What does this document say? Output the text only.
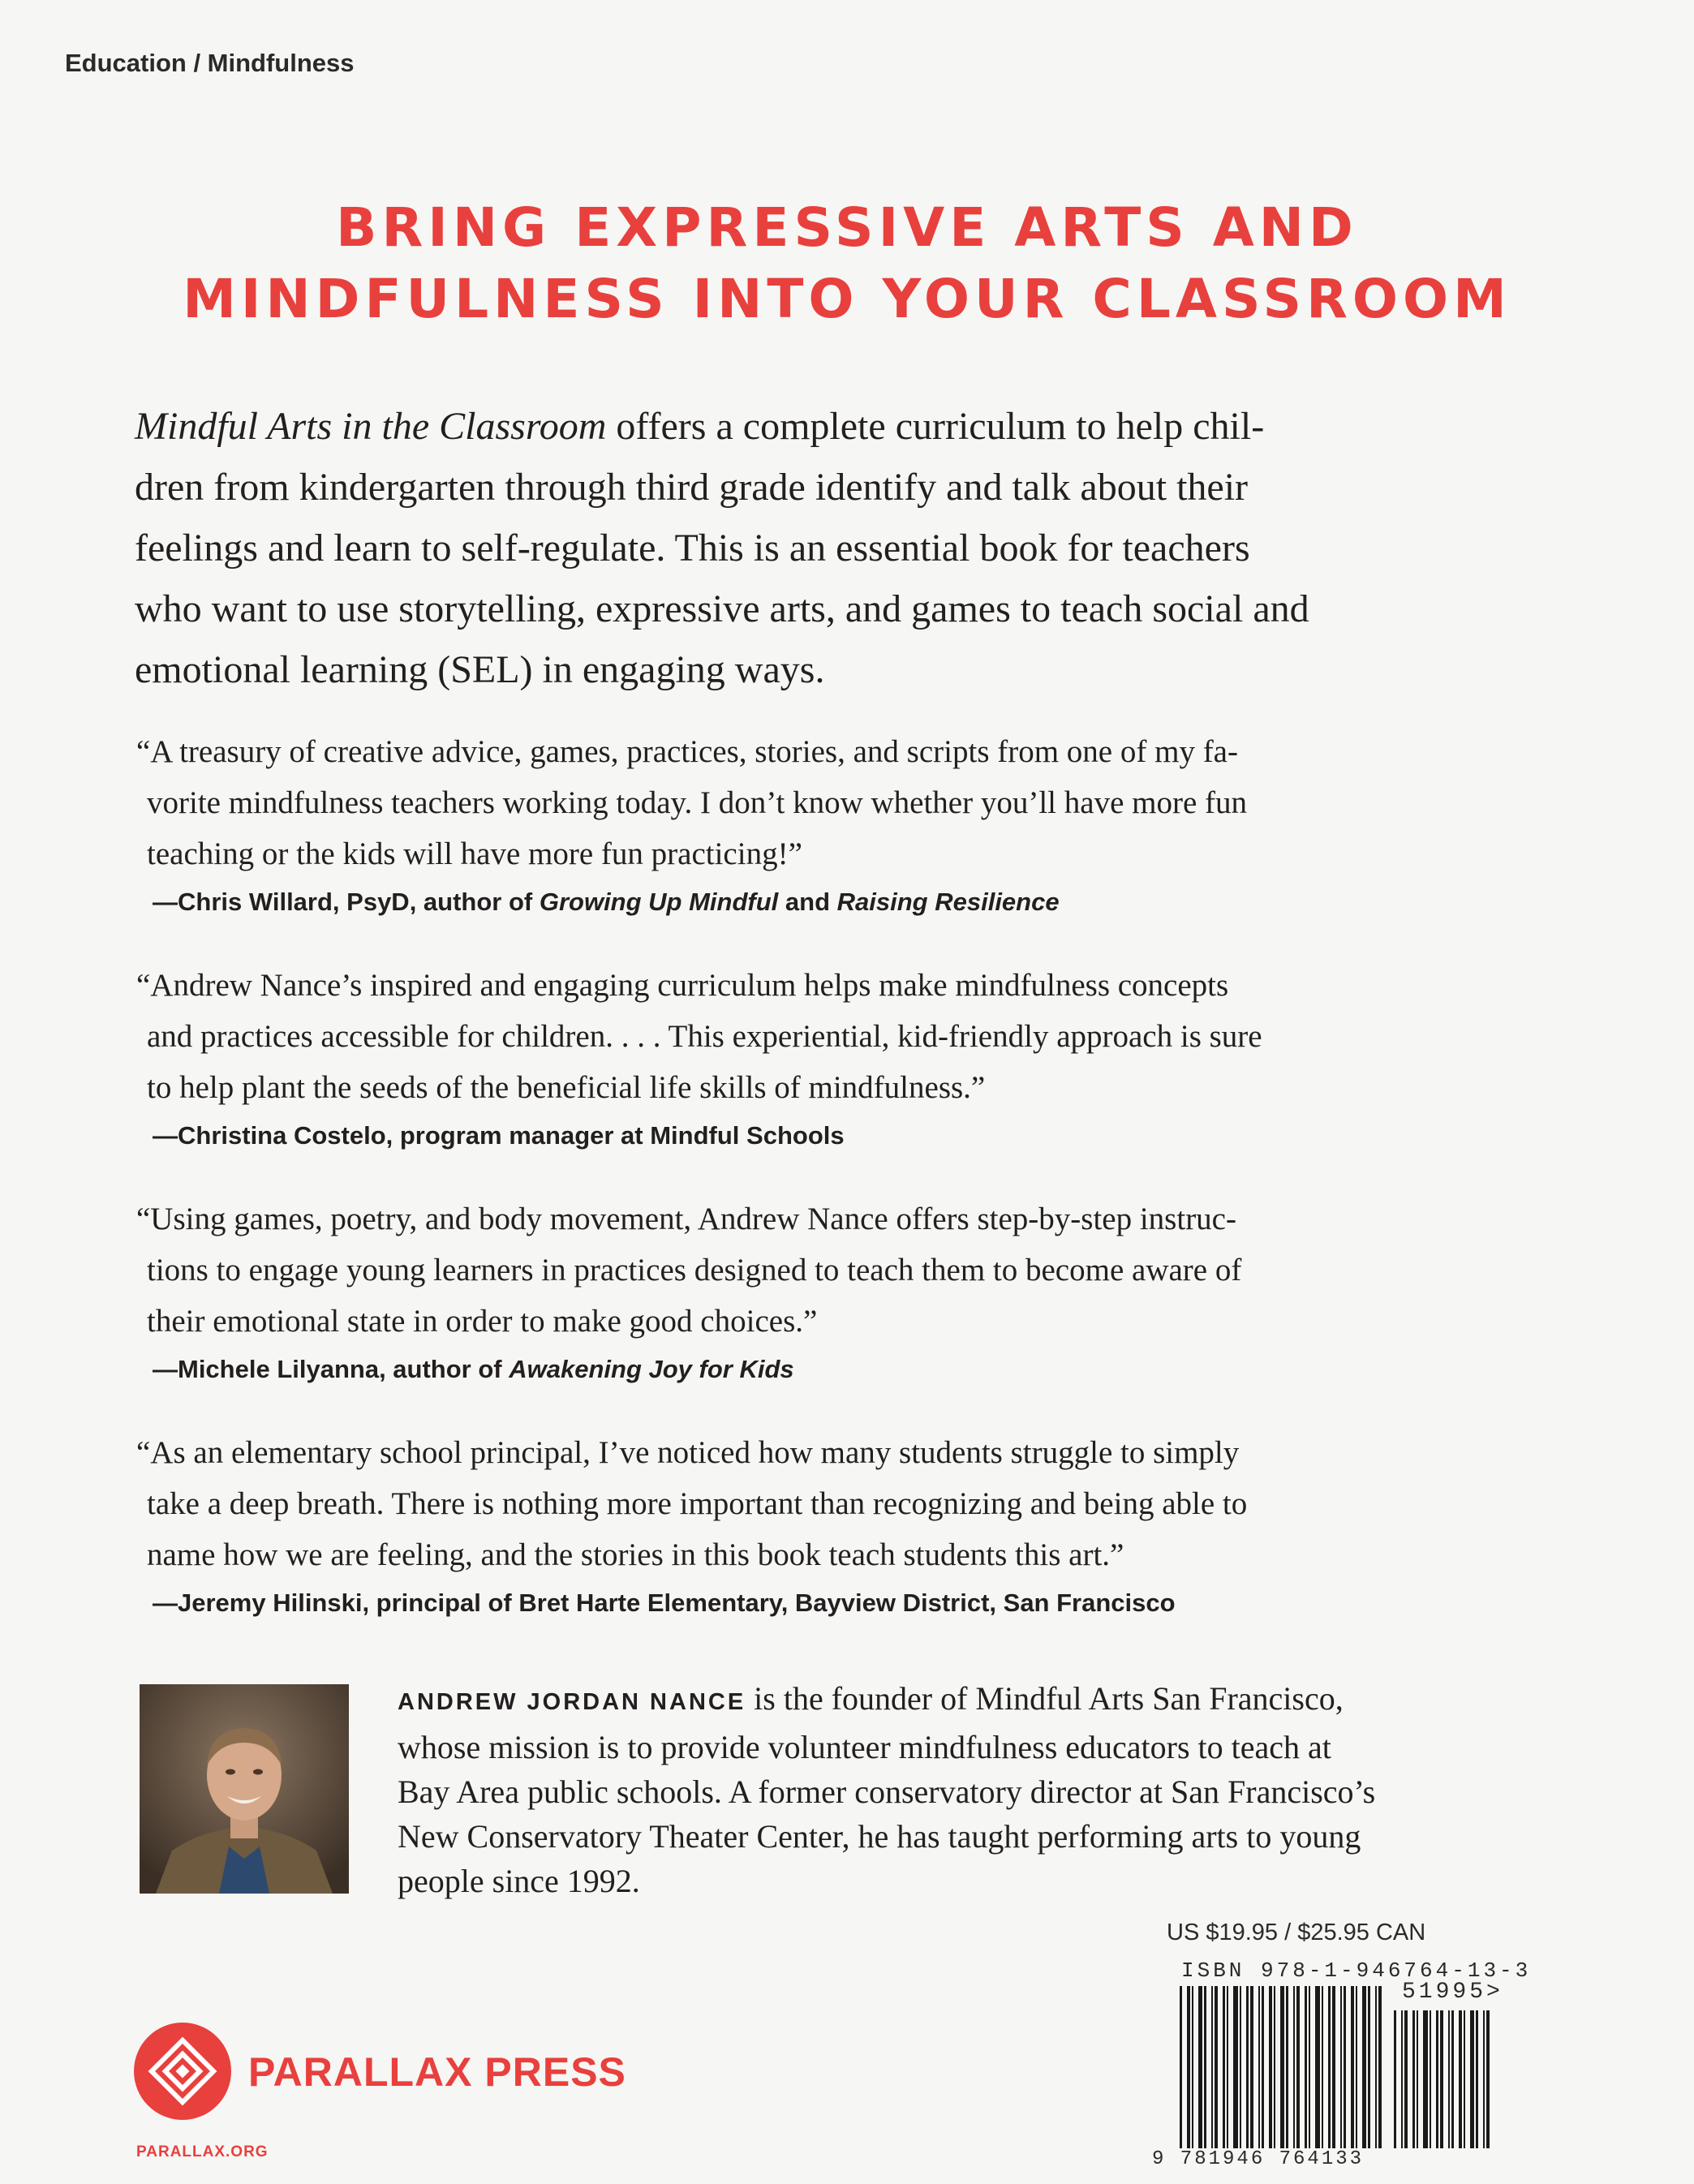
Education / Mindfulness
BRING EXPRESSIVE ARTS AND
MINDFULNESS INTO YOUR CLASSROOM
Mindful Arts in the Classroom offers a complete curriculum to help chil-
dren from kindergarten through third grade identify and talk about their
feelings and learn to self-regulate. This is an essential book for teachers
who want to use storytelling, expressive arts, and games to teach social and
emotional learning (SEL) in engaging ways.
“A treasury of creative advice, games, practices, stories, and scripts from one of my fa-
vorite mindfulness teachers working today. I don’t know whether you’ll have more fun
teaching or the kids will have more fun practicing!”
—Chris Willard, PsyD, author of Growing Up Mindful and Raising Resilience
“Andrew Nance’s inspired and engaging curriculum helps make mindfulness concepts
and practices accessible for children. . . . This experiential, kid-friendly approach is sure
to help plant the seeds of the beneficial life skills of mindfulness.”
—Christina Costelo, program manager at Mindful Schools
“Using games, poetry, and body movement, Andrew Nance offers step-by-step instruc-
tions to engage young learners in practices designed to teach them to become aware of
their emotional state in order to make good choices.”
—Michele Lilyanna, author of Awakening Joy for Kids
“As an elementary school principal, I’ve noticed how many students struggle to simply
take a deep breath. There is nothing more important than recognizing and being able to
name how we are feeling, and the stories in this book teach students this art.”
—Jeremy Hilinski, principal of Bret Harte Elementary, Bayview District, San Francisco
ANDREW JORDAN NANCE is the founder of Mindful Arts San Francisco,
whose mission is to provide volunteer mindfulness educators to teach at
Bay Area public schools. A former conservatory director at San Francisco’s
New Conservatory Theater Center, he has taught performing arts to young
people since 1992.
US $19.95 / $25.95 CAN
ISBN 978-1-946764-13-3
51995>
9 781946 764133
PARALLAX PRESS
PARALLAX.ORG
